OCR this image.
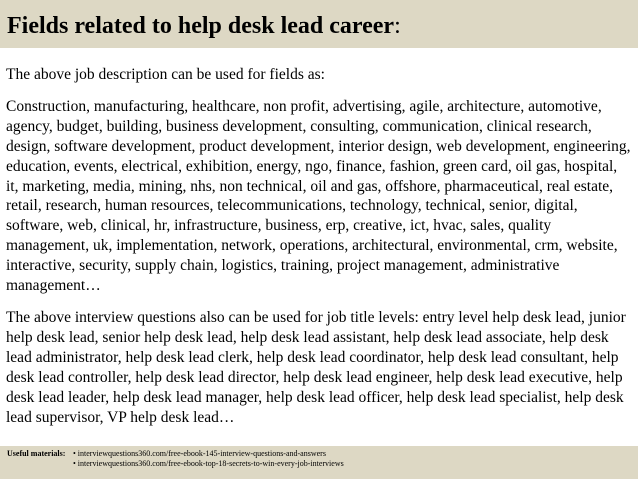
Fields related to help desk lead career:

The above job description can be used for fields as:

Construction, manufacturing, healthcare, non profit, advertising, agile, architecture, automotive, agency, budget, building, business development, consulting, communication, clinical research, design, software development, product development, interior design, web development, engineering, education, events, electrical, exhibition, energy, ngo, finance, fashion, green card, oil gas, hospital, it, marketing, media, mining, nhs, non technical, oil and gas, offshore, pharmaceutical, real estate, retail, research, human resources, telecommunications, technology, technical, senior, digital, software, web, clinical, hr, infrastructure, business, erp, creative, ict, hvac, sales, quality management, uk, implementation, network, operations, architectural, environmental, crm, website, interactive, security, supply chain, logistics, training, project management, administrative management…

The above interview questions also can be used for job title levels: entry level help desk lead, junior help desk lead, senior help desk lead, help desk lead assistant, help desk lead associate, help desk lead administrator, help desk lead clerk, help desk lead coordinator, help desk lead consultant, help desk lead controller, help desk lead director, help desk lead engineer, help desk lead executive, help desk lead leader, help desk lead manager, help desk lead officer, help desk lead specialist, help desk lead supervisor, VP help desk lead…

Useful materials: • interviewquestions360.com/free-ebook-145-interview-questions-and-answers
• interviewquestions360.com/free-ebook-top-18-secrets-to-win-every-job-interviews
